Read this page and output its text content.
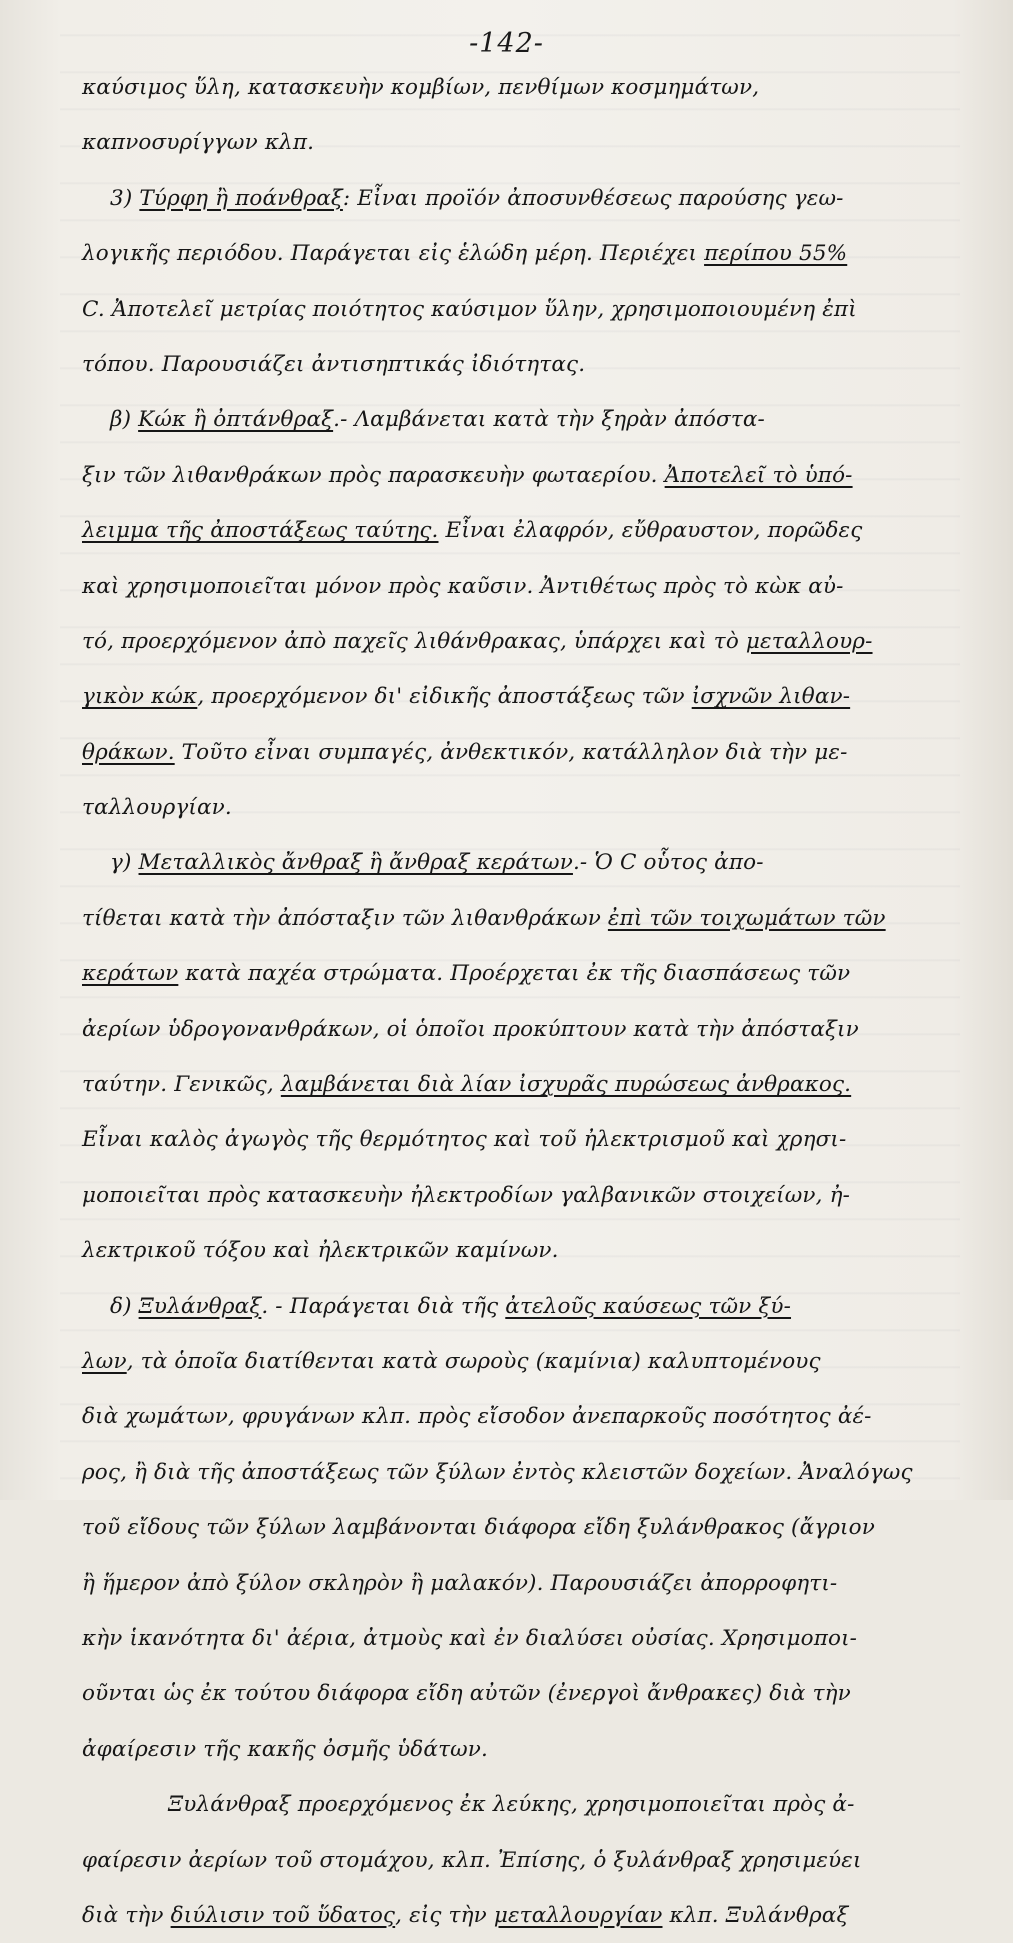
-142-
καύσιμος ὕλη, κατασκευὴν κομβίων, πενθίμων κοσμημάτων,
καπνοσυρίγγων κλπ.
3) Τύρφη ἢ ποάνθραξ: Εἶναι προϊόν ἀποσυνθέσεως παρούσης γεω-
λογικῆς περιόδου. Παράγεται εἰς ἑλώδη μέρη. Περιέχει περίπου 55%
C. Ἀποτελεῖ μετρίας ποιότητος καύσιμον ὕλην, χρησιμοποιουμένη ἐπὶ
τόπου. Παρουσιάζει ἀντισηπτικάς ἰδιότητας.
β) Κώκ ἢ ὀπτάνθραξ.- Λαμβάνεται κατὰ τὴν ξηρὰν ἀπόστα-
ξιν τῶν λιθανθράκων πρὸς παρασκευὴν φωταερίου. Ἀποτελεῖ τὸ ὑπό-
λειμμα τῆς ἀποστάξεως ταύτης. Εἶναι ἐλαφρόν, εὔθραυστον, πορῶδες
καὶ χρησιμοποιεῖται μόνον πρὸς καῦσιν. Ἀντιθέτως πρὸς τὸ κὼκ αὐ-
τό, προερχόμενον ἀπὸ παχεῖς λιθάνθρακας, ὑπάρχει καὶ τὸ μεταλλουρ-
γικὸν κώκ, προερχόμενον δι' εἰδικῆς ἀποστάξεως τῶν ἰσχνῶν λιθαν-
θράκων. Τοῦτο εἶναι συμπαγές, ἀνθεκτικόν, κατάλληλον διὰ τὴν με-
ταλλουργίαν.
γ) Μεταλλικὸς ἄνθραξ ἢ ἄνθραξ κεράτων.- Ὁ C οὗτος ἀπο-
τίθεται κατὰ τὴν ἀπόσταξιν τῶν λιθανθράκων ἐπὶ τῶν τοιχωμάτων τῶν
κεράτων κατὰ παχέα στρώματα. Προέρχεται ἐκ τῆς διασπάσεως τῶν
ἀερίων ὑδρογονανθράκων, οἱ ὁποῖοι προκύπτουν κατὰ τὴν ἀπόσταξιν
ταύτην. Γενικῶς, λαμβάνεται διὰ λίαν ἰσχυρᾶς πυρώσεως ἀνθρακος.
Εἶναι καλὸς ἀγωγὸς τῆς θερμότητος καὶ τοῦ ἠλεκτρισμοῦ καὶ χρησι-
μοποιεῖται πρὸς κατασκευὴν ἠλεκτροδίων γαλβανικῶν στοιχείων, ἠ-
λεκτρικοῦ τόξου καὶ ἠλεκτρικῶν καμίνων.
δ) Ξυλάνθραξ. - Παράγεται διὰ τῆς ἀτελοῦς καύσεως τῶν ξύ-
λων, τὰ ὁποῖα διατίθενται κατὰ σωροὺς (καμίνια) καλυπτομένους
διὰ χωμάτων, φρυγάνων κλπ. πρὸς εἴσοδον ἀνεπαρκοῦς ποσότητος ἀέ-
ρος, ἢ διὰ τῆς ἀποστάξεως τῶν ξύλων ἐντὸς κλειστῶν δοχείων. Ἀναλόγως
τοῦ εἴδους τῶν ξύλων λαμβάνονται διάφορα εἴδη ξυλάνθρακος (ἄγριον
ἢ ἥμερον ἀπὸ ξύλον σκληρὸν ἢ μαλακόν). Παρουσιάζει ἀπορροφητι-
κὴν ἱκανότητα δι' ἀέρια, ἀτμοὺς καὶ ἐν διαλύσει οὐσίας. Χρησιμοποι-
οῦνται ὡς ἐκ τούτου διάφορα εἴδη αὐτῶν (ἐνεργοὶ ἄνθρακες) διὰ τὴν
ἀφαίρεσιν τῆς κακῆς ὀσμῆς ὑδάτων.
Ξυλάνθραξ προερχόμενος ἐκ λεύκης, χρησιμοποιεῖται πρὸς ἀ-
φαίρεσιν ἀερίων τοῦ στομάχου, κλπ. Ἐπίσης, ὁ ξυλάνθραξ χρησιμεύει
διὰ τὴν διύλισιν τοῦ ὕδατος, εἰς τὴν μεταλλουργίαν κλπ. Ξυλάνθραξ
